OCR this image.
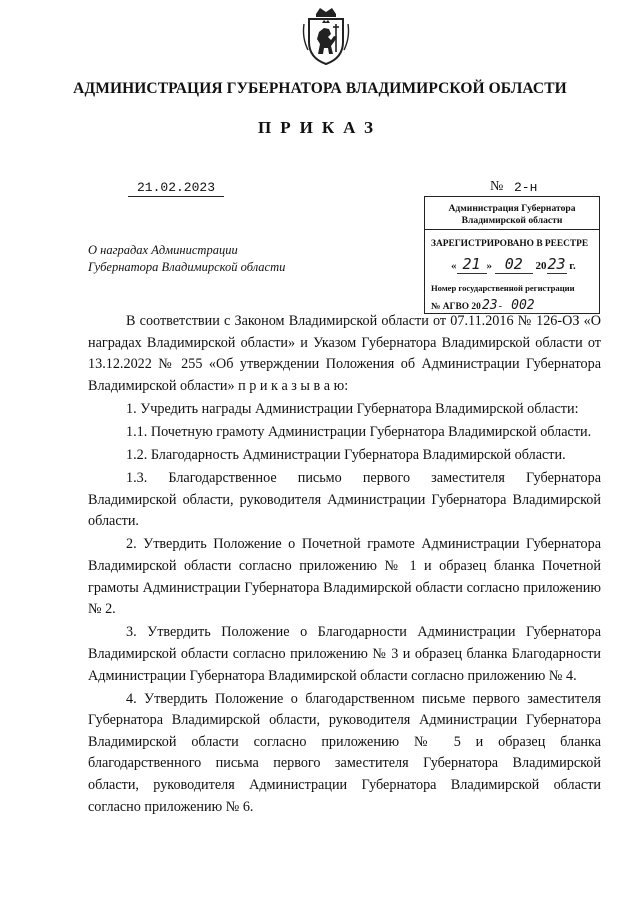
АДМИНИСТРАЦИЯ ГУБЕРНАТОРА ВЛАДИМИРСКОЙ ОБЛАСТИ
ПРИКАЗ
21.02.2023	№ 2-н
Администрация Губернатора
Владимирской области
ЗАРЕГИСТРИРОВАНО В РЕЕСТРЕ
« 21 » 02 2023 г.
Номер государственной регистрации
№ АГВО 2023- 002
О наградах Администрации
Губернатора Владимирской области

В соответствии с Законом Владимирской области от 07.11.2016 № 126-ОЗ «О наградах Владимирской области» и Указом Губернатора Владимирской области от 13.12.2022 № 255 «Об утверждении Положения об Администрации Губернатора Владимирской области» п р и к а з ы в а ю:

1. Учредить награды Администрации Губернатора Владимирской области:

1.1. Почетную грамоту Администрации Губернатора Владимирской области.

1.2. Благодарность Администрации Губернатора Владимирской области.

1.3. Благодарственное письмо первого заместителя Губернатора Владимирской области, руководителя Администрации Губернатора Владимирской области.

2. Утвердить Положение о Почетной грамоте Администрации Губернатора Владимирской области согласно приложению № 1 и образец бланка Почетной грамоты Администрации Губернатора Владимирской области согласно приложению № 2.

3. Утвердить Положение о Благодарности Администрации Губернатора Владимирской области согласно приложению № 3 и образец бланка Благодарности Администрации Губернатора Владимирской области согласно приложению № 4.

4. Утвердить Положение о благодарственном письме первого заместителя Губернатора Владимирской области, руководителя Администрации Губернатора Владимирской области согласно приложению № 5 и образец бланка благодарственного письма первого заместителя Губернатора Владимирской области, руководителя Администрации Губернатора Владимирской области согласно приложению № 6.
